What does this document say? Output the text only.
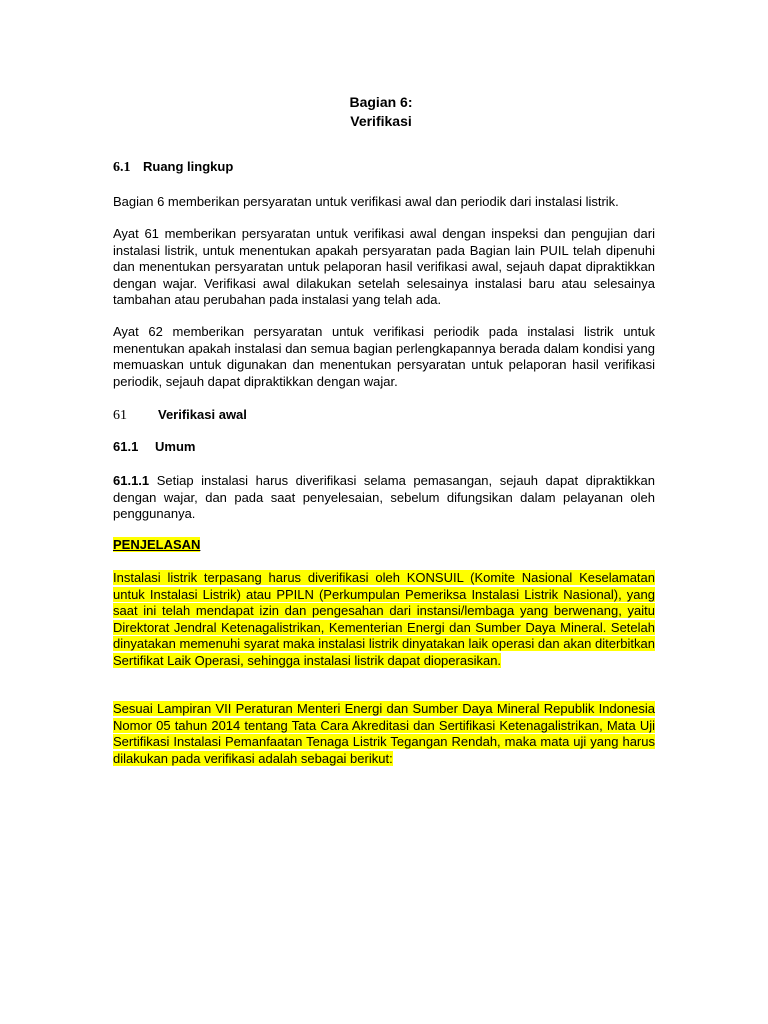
Bagian 6:
Verifikasi
6.1 Ruang lingkup
Bagian 6 memberikan persyaratan untuk verifikasi awal dan periodik dari instalasi listrik.
Ayat 61 memberikan persyaratan untuk verifikasi awal dengan inspeksi dan pengujian dari instalasi listrik, untuk menentukan apakah persyaratan pada Bagian lain PUIL telah dipenuhi dan menentukan persyaratan untuk pelaporan hasil verifikasi awal, sejauh dapat dipraktikkan dengan wajar. Verifikasi awal dilakukan setelah selesainya instalasi baru atau selesainya tambahan atau perubahan pada instalasi yang telah ada.
Ayat 62 memberikan persyaratan untuk verifikasi periodik pada instalasi listrik untuk menentukan apakah instalasi dan semua bagian perlengkapannya berada dalam kondisi yang memuaskan untuk digunakan dan menentukan persyaratan untuk pelaporan hasil verifikasi periodik, sejauh dapat dipraktikkan dengan wajar.
61 Verifikasi awal
61.1 Umum
61.1.1 Setiap instalasi harus diverifikasi selama pemasangan, sejauh dapat dipraktikkan dengan wajar, dan pada saat penyelesaian, sebelum difungsikan dalam pelayanan oleh penggunanya.
PENJELASAN
Instalasi listrik terpasang harus diverifikasi oleh KONSUIL (Komite Nasional Keselamatan untuk Instalasi Listrik) atau PPILN (Perkumpulan Pemeriksa Instalasi Listrik Nasional), yang saat ini telah mendapat izin dan pengesahan dari instansi/lembaga yang berwenang, yaitu Direktorat Jendral Ketenagalistrikan, Kementerian Energi dan Sumber Daya Mineral. Setelah dinyatakan memenuhi syarat maka instalasi listrik dinyatakan laik operasi dan akan diterbitkan Sertifikat Laik Operasi, sehingga instalasi listrik dapat dioperasikan.
Sesuai Lampiran VII Peraturan Menteri Energi dan Sumber Daya Mineral Republik Indonesia Nomor 05 tahun 2014 tentang Tata Cara Akreditasi dan Sertifikasi Ketenagalistrikan, Mata Uji Sertifikasi Instalasi Pemanfaatan Tenaga Listrik Tegangan Rendah, maka mata uji yang harus dilakukan pada verifikasi adalah sebagai berikut:
